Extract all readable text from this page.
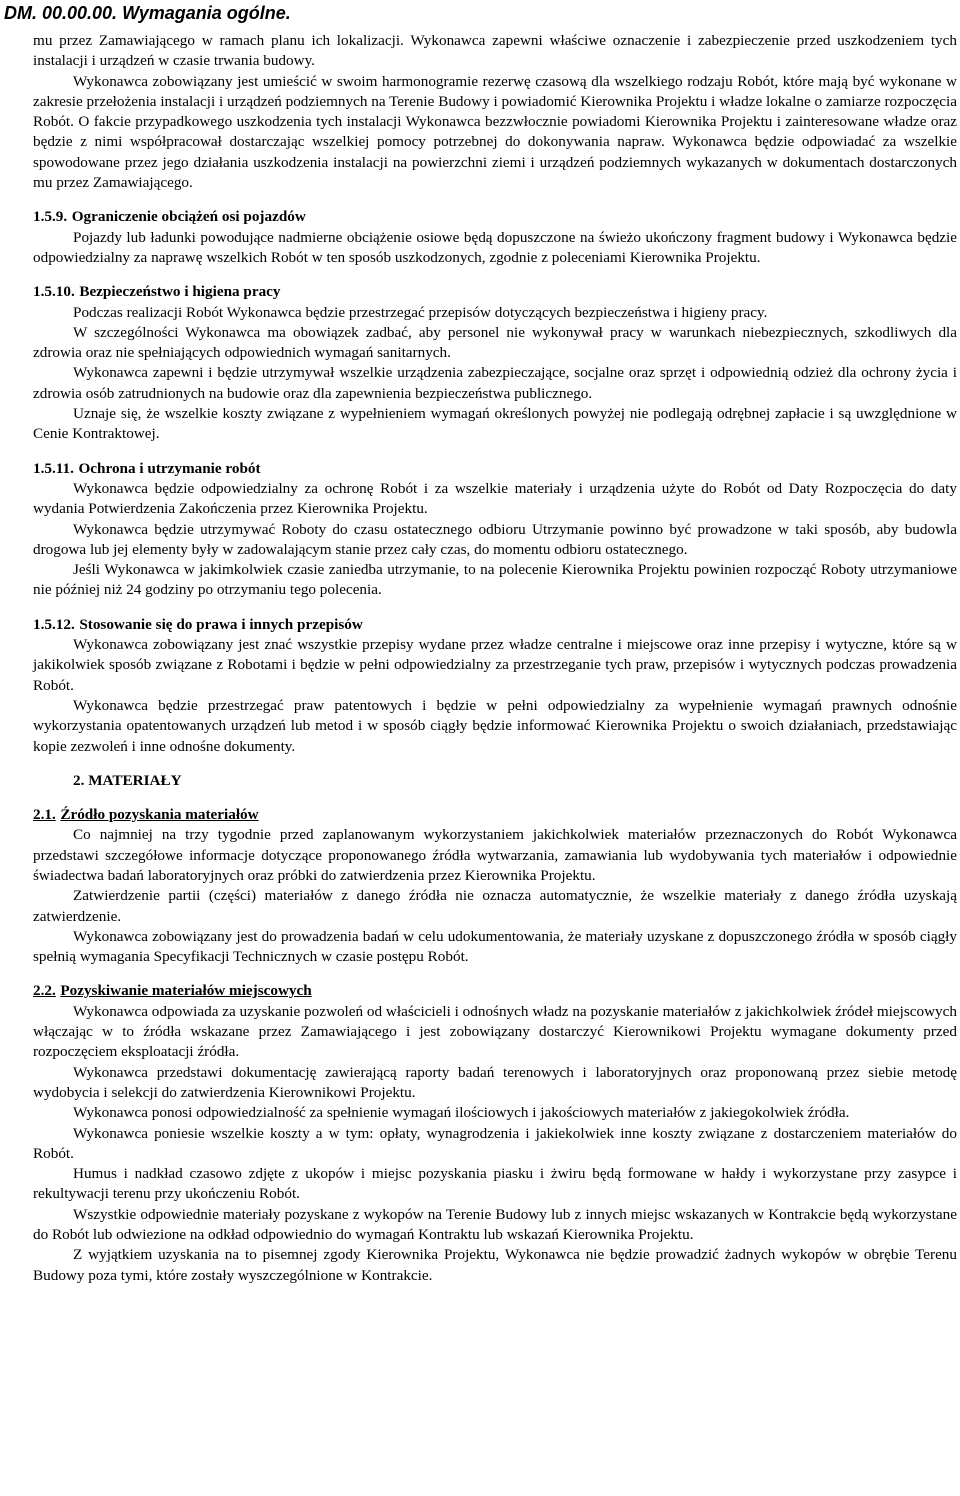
DM. 00.00.00. Wymagania ogólne.

mu przez Zamawiającego w ramach planu ich lokalizacji. Wykonawca zapewni właściwe oznaczenie i zabezpieczenie przed uszkodzeniem tych instalacji i urządzeń w czasie trwania budowy.

Wykonawca zobowiązany jest umieścić w swoim harmonogramie rezerwę czasową dla wszelkiego rodzaju Robót, które mają być wykonane w zakresie przełożenia instalacji i urządzeń podziemnych na Terenie Budowy i powiadomić Kierownika Projektu i władze lokalne o zamiarze rozpoczęcia Robót. O fakcie przypadkowego uszkodzenia tych instalacji Wykonawca bezzwłocznie powiadomi Kierownika Projektu i zainteresowane władze oraz będzie z nimi współpracował dostarczając wszelkiej pomocy potrzebnej do dokonywania napraw. Wykonawca będzie odpowiadać za wszelkie spowodowane przez jego działania uszkodzenia instalacji na powierzchni ziemi i urządzeń podziemnych wykazanych w dokumentach dostarczonych mu przez Zamawiającego.

1.5.9. Ograniczenie obciążeń osi pojazdów

Pojazdy lub ładunki powodujące nadmierne obciążenie osiowe będą dopuszczone na świeżo ukończony fragment budowy i Wykonawca będzie odpowiedzialny za naprawę wszelkich Robót w ten sposób uszkodzonych, zgodnie z poleceniami Kierownika Projektu.

1.5.10. Bezpieczeństwo i higiena pracy

Podczas realizacji Robót Wykonawca będzie przestrzegać przepisów dotyczących bezpieczeństwa i higieny pracy.

W szczególności Wykonawca ma obowiązek zadbać, aby personel nie wykonywał pracy w warunkach niebezpiecznych, szkodliwych dla zdrowia oraz nie spełniających odpowiednich wymagań sanitarnych.

Wykonawca zapewni i będzie utrzymywał wszelkie urządzenia zabezpieczające, socjalne oraz sprzęt i odpowiednią odzież dla ochrony życia i zdrowia osób zatrudnionych na budowie oraz dla zapewnienia bezpieczeństwa publicznego.

Uznaje się, że wszelkie koszty związane z wypełnieniem wymagań określonych powyżej nie podlegają odrębnej zapłacie i są uwzględnione w Cenie Kontraktowej.

1.5.11. Ochrona i utrzymanie robót

Wykonawca będzie odpowiedzialny za ochronę Robót i za wszelkie materiały i urządzenia użyte do Robót od Daty Rozpoczęcia do daty wydania Potwierdzenia Zakończenia przez Kierownika Projektu.

Wykonawca będzie utrzymywać Roboty do czasu ostatecznego odbioru Utrzymanie powinno być prowadzone w taki sposób, aby budowla drogowa lub jej elementy były w zadowalającym stanie przez cały czas, do momentu odbioru ostatecznego.

Jeśli Wykonawca w jakimkolwiek czasie zaniedba utrzymanie, to na polecenie Kierownika Projektu powinien rozpocząć Roboty utrzymaniowe nie później niż 24 godziny po otrzymaniu tego polecenia.

1.5.12. Stosowanie się do prawa i innych przepisów

Wykonawca zobowiązany jest znać wszystkie przepisy wydane przez władze centralne i miejscowe oraz inne przepisy i wytyczne, które są w jakikolwiek sposób związane z Robotami i będzie w pełni odpowiedzialny za przestrzeganie tych praw, przepisów i wytycznych podczas prowadzenia Robót.

Wykonawca będzie przestrzegać praw patentowych i będzie w pełni odpowiedzialny za wypełnienie wymagań prawnych odnośnie wykorzystania opatentowanych urządzeń lub metod i w sposób ciągły będzie informować Kierownika Projektu o swoich działaniach, przedstawiając kopie zezwoleń i inne odnośne dokumenty.

2. MATERIAŁY
2.1. Źródło pozyskania materiałów

Co najmniej na trzy tygodnie przed zaplanowanym wykorzystaniem jakichkolwiek materiałów przeznaczonych do Robót Wykonawca przedstawi szczegółowe informacje dotyczące proponowanego źródła wytwarzania, zamawiania lub wydobywania tych materiałów i odpowiednie świadectwa badań laboratoryjnych oraz próbki do zatwierdzenia przez Kierownika Projektu.

Zatwierdzenie partii (części) materiałów z danego źródła nie oznacza automatycznie, że wszelkie materiały z danego źródła uzyskają zatwierdzenie.

Wykonawca zobowiązany jest do prowadzenia badań w celu udokumentowania, że materiały uzyskane z dopuszczonego źródła w sposób ciągły spełnią wymagania Specyfikacji Technicznych w czasie postępu Robót.

2.2. Pozyskiwanie materiałów miejscowych

Wykonawca odpowiada za uzyskanie pozwoleń od właścicieli i odnośnych władz na pozyskanie materiałów z jakichkolwiek źródeł miejscowych włączając w to źródła wskazane przez Zamawiającego i jest zobowiązany dostarczyć Kierownikowi Projektu wymagane dokumenty przed rozpoczęciem eksploatacji źródła.

Wykonawca przedstawi dokumentację zawierającą raporty badań terenowych i laboratoryjnych oraz proponowaną przez siebie metodę wydobycia i selekcji do zatwierdzenia Kierownikowi Projektu.

Wykonawca ponosi odpowiedzialność za spełnienie wymagań ilościowych i jakościowych materiałów z jakiegokolwiek źródła.

Wykonawca poniesie wszelkie koszty a w tym: opłaty, wynagrodzenia i jakiekolwiek inne koszty związane z dostarczeniem materiałów do Robót.

Humus i nadkład czasowo zdjęte z ukopów i miejsc pozyskania piasku i żwiru będą formowane w hałdy i wykorzystane przy zasypce i rekultywacji terenu przy ukończeniu Robót.

Wszystkie odpowiednie materiały pozyskane z wykopów na Terenie Budowy lub z innych miejsc wskazanych w Kontrakcie będą wykorzystane do Robót lub odwiezione na odkład odpowiednio do wymagań Kontraktu lub wskazań Kierownika Projektu.

Z wyjątkiem uzyskania na to pisemnej zgody Kierownika Projektu, Wykonawca nie będzie prowadzić żadnych wykopów w obrębie Terenu Budowy poza tymi, które zostały wyszczególnione w Kontrakcie.
